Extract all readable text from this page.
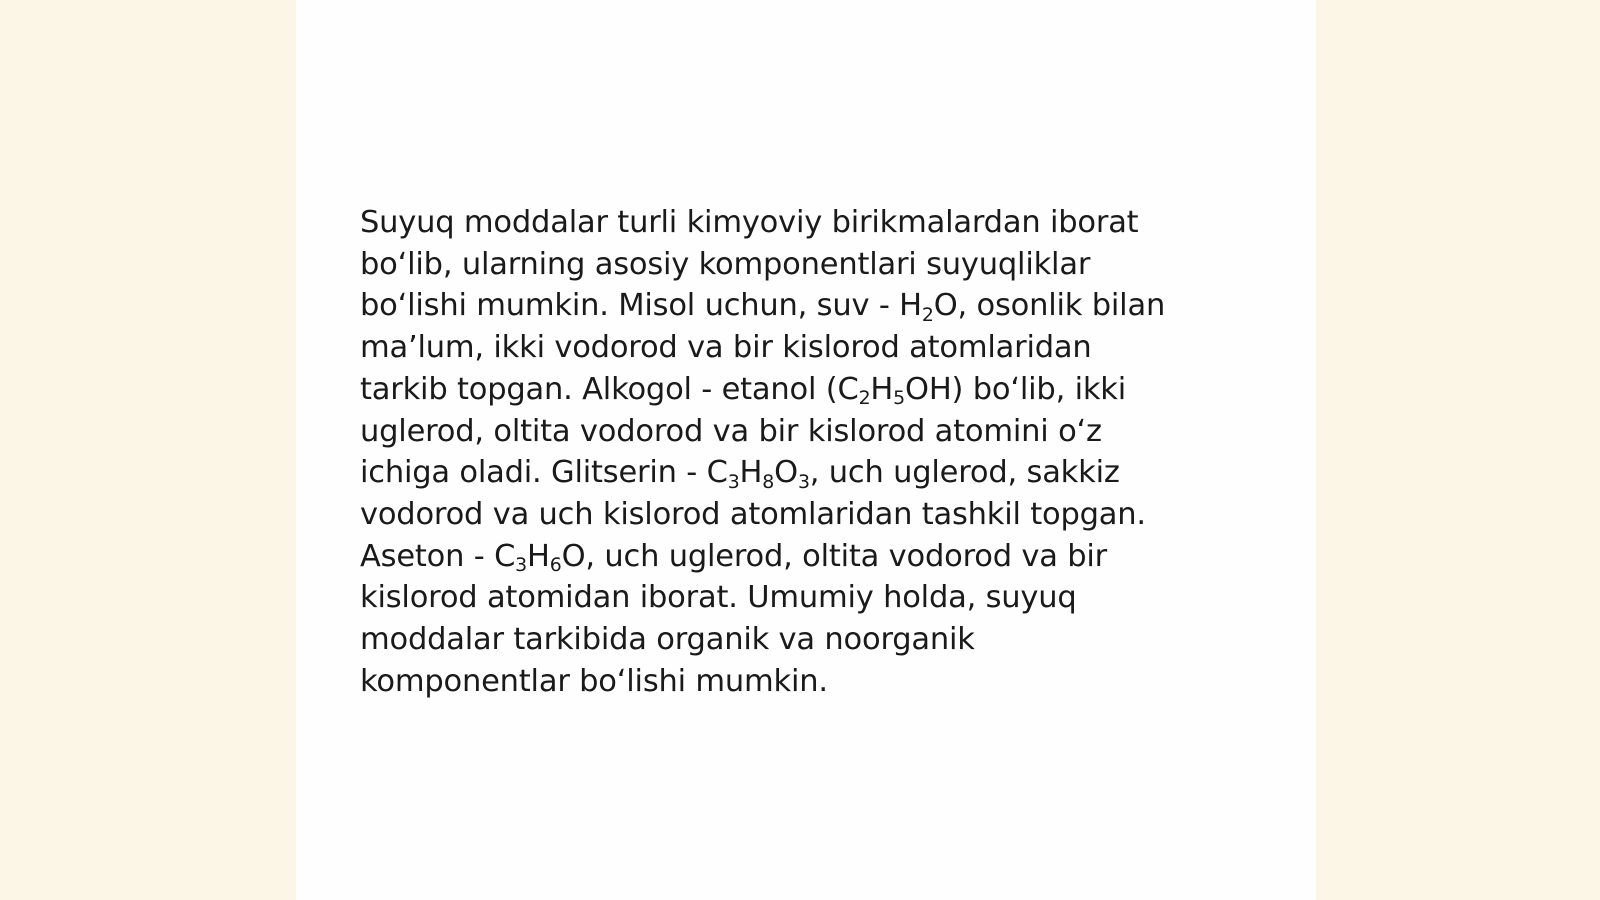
Suyuq moddalar turli kimyoviy birikmalardan iborat
boʻlib, ularning asosiy komponentlari suyuqliklar
boʻlishi mumkin. Misol uchun, suv - H2O, osonlik bilan
maʼlum, ikki vodorod va bir kislorod atomlaridan
tarkib topgan. Alkogol - etanol (C2H5OH) boʻlib, ikki
uglerod, oltita vodorod va bir kislorod atomini oʻz
ichiga oladi. Glitserin - C3H8O3, uch uglerod, sakkiz
vodorod va uch kislorod atomlaridan tashkil topgan.
Aseton - C3H6O, uch uglerod, oltita vodorod va bir
kislorod atomidan iborat. Umumiy holda, suyuq
moddalar tarkibida organik va noorganik
komponentlar boʻlishi mumkin.
